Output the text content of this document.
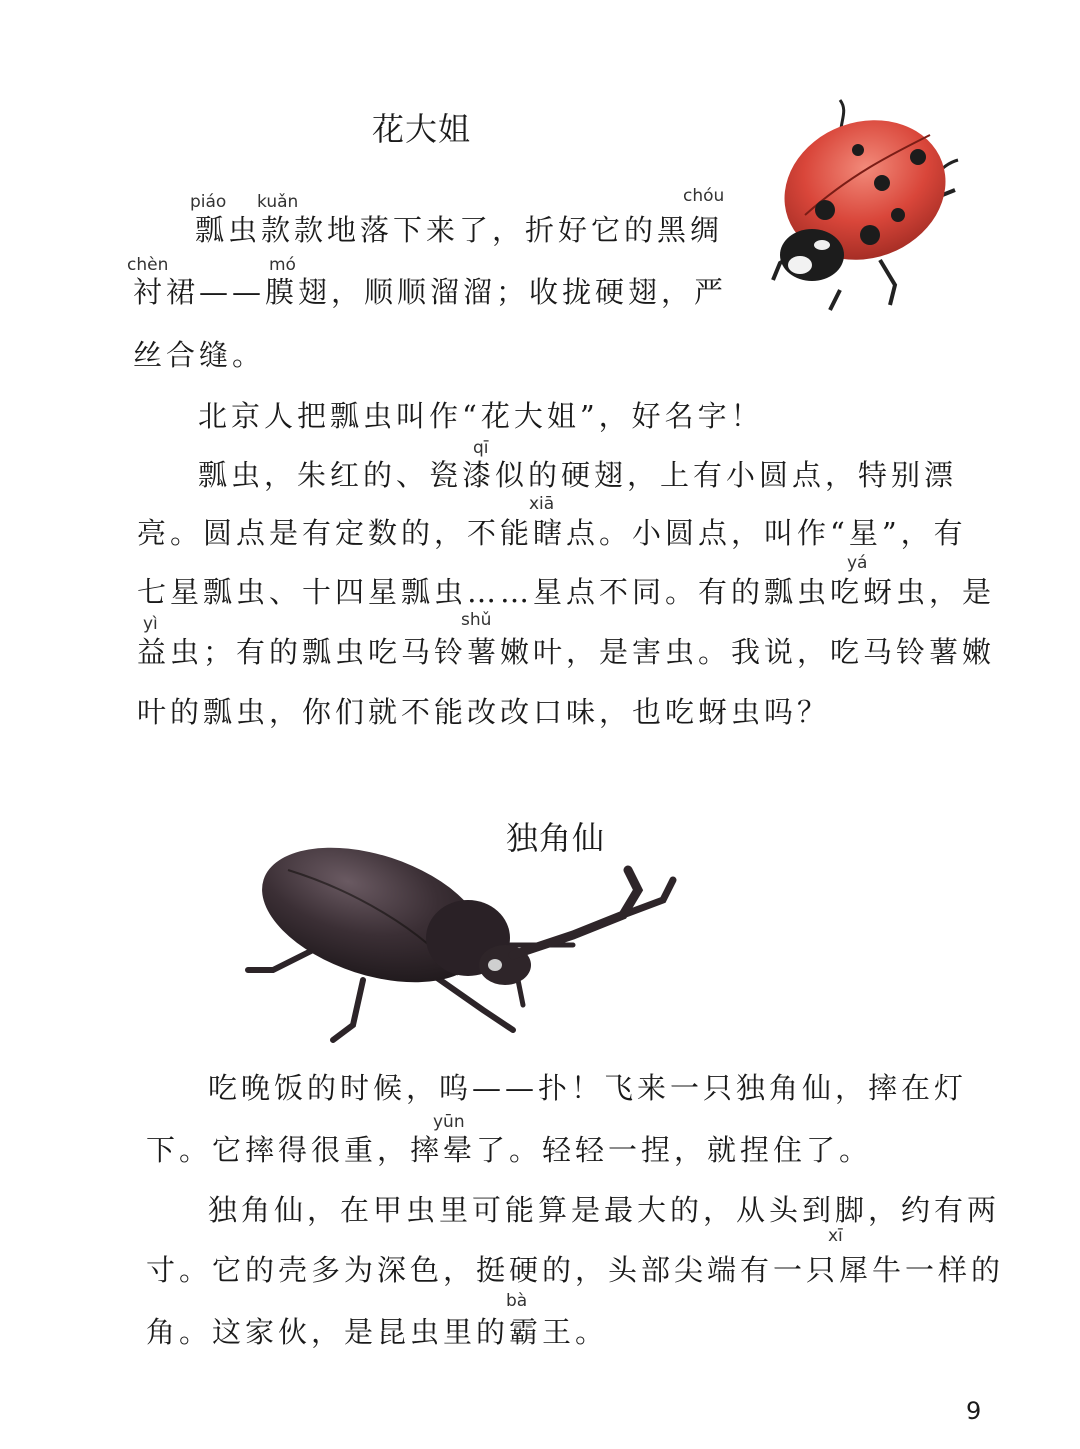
花大姐
piáo kuǎn	chóu
瓢虫款款地落下来了，折好它的黑绸
chèn	mó
衬裙——膜翅，顺顺溜溜；收拢硬翅，严
丝合缝。
北京人把瓢虫叫作“花大姐”，好名字！
qī
瓢虫，朱红的、瓷漆似的硬翅，上有小圆点，特别漂
xiā
亮。圆点是有定数的，不能瞎点。小圆点，叫作“星”，有
yá
七星瓢虫、十四星瓢虫……星点不同。有的瓢虫吃蚜虫，是
yì	shǔ
益虫；有的瓢虫吃马铃薯嫩叶，是害虫。我说，吃马铃薯嫩
叶的瓢虫，你们就不能改改口味，也吃蚜虫吗？
独角仙
吃晚饭的时候，呜——扑！飞来一只独角仙，摔在灯
yūn
下。它摔得很重，摔晕了。轻轻一捏，就捏住了。
独角仙，在甲虫里可能算是最大的，从头到脚，约有两
xī
寸。它的壳多为深色，挺硬的，头部尖端有一只犀牛一样的
bà
角。这家伙，是昆虫里的霸王。
9
